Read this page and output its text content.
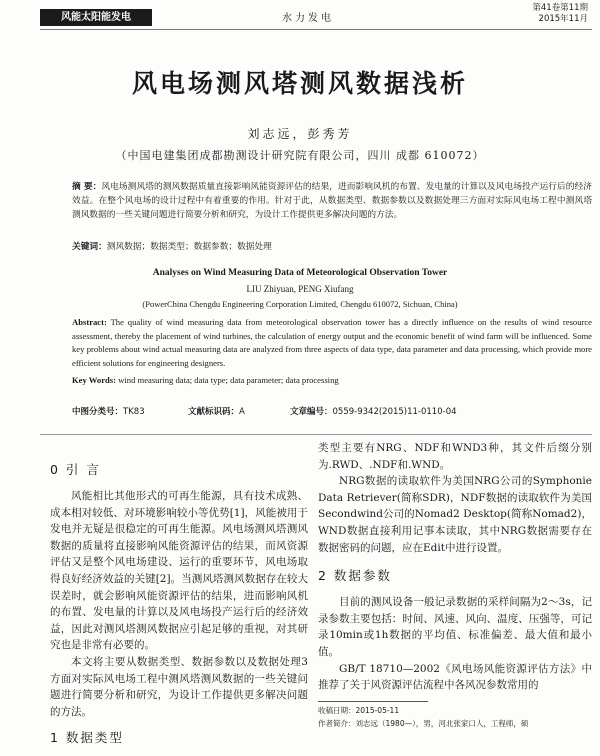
风能太阳能发电	水力发电
第41卷第11期
2015年11月
风电场测风塔测风数据浅析
刘志远，彭秀芳
（中国电建集团成都勘测设计研究院有限公司，四川 成都 610072）
摘 要：风电场测风塔的测风数据质量直接影响风能资源评估的结果，进而影响风机的布置、发电量的计算以及风电场投产运行后的经济效益。在整个风电场的设计过程中有着重要的作用。针对于此，从数据类型、数据参数以及数据处理三方面对实际风电场工程中测风塔测风数据的一些关键问题进行简要分析和研究，为设计工作提供更多解决问题的方法。
关键词：测风数据；数据类型；数据参数；数据处理
Analyses on Wind Measuring Data of Meteorological Observation Tower
LIU Zhiyuan, PENG Xiufang
(PowerChina Chengdu Engineering Corporation Limited, Chengdu 610072, Sichuan, China)
Abstract: The quality of wind measuring data from meteorological observation tower has a directly influence on the results of wind resource assessment, thereby the placement of wind turbines, the calculation of energy output and the economic benefit of wind farm will be influenced. Some key problems about wind actual measuring data are analyzed from three aspects of data type, data parameter and data processing, which provide more efficient solutions for engineering designers.
Key Words: wind measuring data; data type; data parameter; data processing
中图分类号：TK83	文献标识码：A	文章编号：0559-9342(2015)11-0110-04
0 引 言

风能相比其他形式的可再生能源，具有技术成熟、成本相对较低、对环境影响较小等优势[1]，风能被用于发电并无疑是很稳定的可再生能源。风电场测风塔测风数据的质量将直接影响风能资源评估的结果，而风资源评估又是整个风电场建设、运行的重要环节，风电场取得良好经济效益的关键[2]。当测风塔测风数据存在较大误差时，就会影响风能资源评估的结果，进而影响风机的布置、发电量的计算以及风电场投产运行后的经济效益，因此对测风塔测风数据应引起足够的重视，对其研究也是非常有必要的。

本文将主要从数据类型、数据参数以及数据处理3方面对实际风电场工程中测风塔测风数据的一些关键问题进行简要分析和研究，为设计工作提供更多解决问题的方法。

1 数据类型

类型主要有NRG、NDF和WND3种，其文件后缀分别为.RWD、.NDF和.WND。

NRG数据的读取软件为美国NRG公司的Symphonie Data Retriever(简称SDR)，NDF数据的读取软件为美国Secondwind公司的Nomad2 Desktop(简称Nomad2)，WND数据直接利用记事本读取，其中NRG数据需要存在数据密码的问题，应在Edit中进行设置。

2 数据参数

目前的测风设备一般记录数据的采样间隔为2～3s，记录参数主要包括：时间、风速、风向、温度、压强等，可记录10min或1h数据的平均值、标准偏差、最大值和最小值。

GB/T 18710—2002《风电场风能资源评估方法》中推荐了关于风资源评估流程中各风况参数常用的

收稿日期：2015-05-11
作者简介：刘志远（1980—），男，河北张家口人，工程师，硕
